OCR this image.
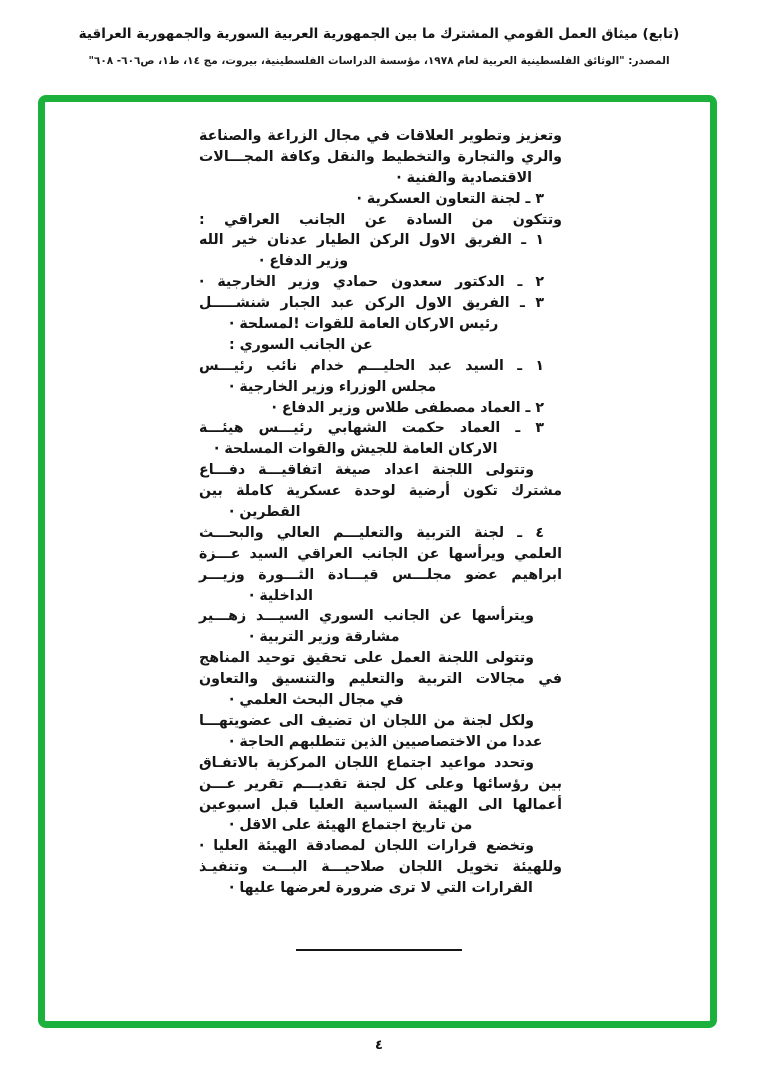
(تابع) ميثاق العمل القومي المشترك ما بين الجمهورية العربية السورية والجمهورية العراقية
المصدر: "الوثائق الفلسطينية العربية لعام ١٩٧٨، مؤسسة الدراسات الفلسطينية، بيروت، مج ١٤، ط١، ص٦٠٦- ٦٠٨"
وتعزيز وتطوير العلاقات في مجال الزراعة والصناعة
والري والتجارة والتخطيط والنقل وكافة المجـــالات
الاقتصادية والفنية ·
٣ ـ لجنة التعاون العسكرية ·
وتتكون من السادة عن الجانب العراقي :
١ ـ الفريق الاول الركن الطيار عدنان خير الله
وزير الدفاع ·
٢ ـ الدكتور سعدون حمادي وزير الخارجية ·
٣ ـ الفريق الاول الركن عبد الجبار شنشـــــل
رئيس الاركان العامة للقوات !لمسلحة ·
عن الجانب السوري :
١ ـ السيد عبد الحليـــم خدام نائب رئيـــس
مجلس الوزراء وزير الخارجية ·
٢ ـ العماد مصطفى طلاس وزير الدفاع ·
٣ ـ العماد حكمت الشهابي رئيـــس هيئـــة
الاركان العامة للجيش والقوات المسلحة ·
وتتولى اللجنة اعداد صيغة اتفاقيـــة دفـــاع
مشترك تكون أرضية لوحدة عسكرية كاملة بين
القطرين ·
٤ ـ لجنة التربية والتعليـــم العالي والبحـــث
العلمي ويرأسها عن الجانب العراقي السيد عـــزة
ابراهيم عضو مجلـــس قيـــادة الثـــورة وزيـــر
الداخلية ·
ويترأسها عن الجانب السوري السيـــد زهـــير
مشارقة وزير التربية ·
وتتولى اللجنة العمل على تحقيق توحيد المناهج
في مجالات التربية والتعليم والتنسيق والتعاون
في مجال البحث العلمي ·
ولكل لجنة من اللجان ان تضيف الى عضويتهـــا
عددا من الاختصاصيين الذين تتطلبهم الحاجة ·
وتحدد مواعيد اجتماع اللجان المركزية بالاتفـاق
بين رؤسائها وعلى كل لجنة تقديـــم تقرير عـــن
أعمالها الى الهيئة السياسية العليا قبل اسبوعين
من تاريخ اجتماع الهيئة على الاقل ·
وتخضع قرارات اللجان لمصادقة الهيئة العليا ·
وللهيئة تخويل اللجان صلاحيـــة البـــت وتنفيـذ
القرارات التي لا ترى ضرورة لعرضها عليها ·
٤
